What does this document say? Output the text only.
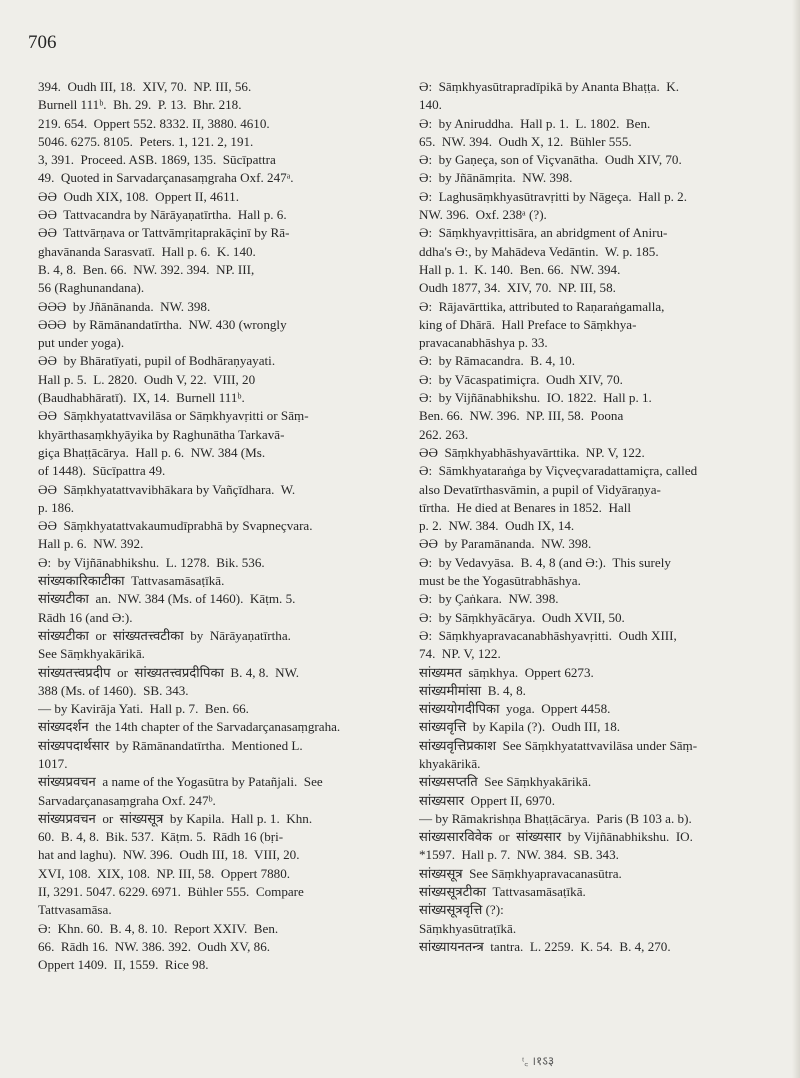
706
394.  Oudh III, 18.  XIV, 70.  NP. III, 56.
Burnell 111ᵇ.  Bh. 29.  P. 13.  Bhr. 218.
219. 654.  Oppert 552. 8332. II, 3880. 4610.
5046. 6275. 8105.  Peters. 1, 121. 2, 191.
3, 391.  Proceed. ASB. 1869, 135.  Sūcīpattra
49.  Quoted in Sarvadarçanasaṃgraha Oxf. 247ᵃ.
ƏƏ  Oudh XIX, 108.  Oppert II, 4611.
ƏƏ  Tattvacandra by Nārāyaṇatīrtha.  Hall p. 6.
ƏƏ  Tattvārṇava or Tattvāmṛitaprakāçinī by Rā-
ghavānanda Sarasvatī.  Hall p. 6.  K. 140.
B. 4, 8.  Ben. 66.  NW. 392. 394.  NP. III,
56 (Raghunandana).
ƏƏƏ  by Jñānānanda.  NW. 398.
ƏƏƏ  by Rāmānandatīrtha.  NW. 430 (wrongly
put under yoga).
ƏƏ  by Bhāratīyati, pupil of Bodhāraṇyayati.
Hall p. 5.  L. 2820.  Oudh V, 22.  VIII, 20
(Baudhabhāratī).  IX, 14.  Burnell 111ᵇ.
ƏƏ  Sāṃkhyatattvavilāsa or Sāṃkhyavṛitti or Sāṃ-
khyārthasaṃkhyāyika by Raghunātha Tarkavā-
giça Bhaṭṭācārya.  Hall p. 6.  NW. 384 (Ms.
of 1448).  Sūcīpattra 49.
ƏƏ  Sāṃkhyatattvavibhākara by Vañçīdhara.  W.
p. 186.
ƏƏ  Sāṃkhyatattvakaumudīprabhā by Svapneçvara.
Hall p. 6.  NW. 392.
Ə:  by Vijñānabhikshu.  L. 1278.  Bik. 536.
सांख्यकारिकाटीका  Tattvasamāsaṭīkā.
सांख्यटीका  an.  NW. 384 (Ms. of 1460).  Kāṭm. 5.
Rādh 16 (and Ə:).
सांख्यटीका  or  सांख्यतत्त्वटीका  by  Nārāyaṇatīrtha.
See Sāṃkhyakārikā.
सांख्यतत्त्वप्रदीप  or  सांख्यतत्त्वप्रदीपिका  B. 4, 8.  NW.
388 (Ms. of 1460).  SB. 343.
— by Kavirāja Yati.  Hall p. 7.  Ben. 66.
सांख्यदर्शन  the 14th chapter of the Sarvadarçanasaṃgraha.
सांख्यपदार्थसार  by Rāmānandatīrtha.  Mentioned L.
1017.
सांख्यप्रवचन  a name of the Yogasūtra by Patañjali.  See
Sarvadarçanasaṃgraha Oxf. 247ᵇ.
सांख्यप्रवचन  or  सांख्यसूत्र  by Kapila.  Hall p. 1.  Khn.
60.  B. 4, 8.  Bik. 537.  Kāṭm. 5.  Rādh 16 (bṛi-
hat and laghu).  NW. 396.  Oudh III, 18.  VIII, 20.
XVI, 108.  XIX, 108.  NP. III, 58.  Oppert 7880.
II, 3291. 5047. 6229. 6971.  Bühler 555.  Compare
Tattvasamāsa.
Ə:  Khn. 60.  B. 4, 8. 10.  Report XXIV.  Ben.
66.  Rādh 16.  NW. 386. 392.  Oudh XV, 86.
Oppert 1409.  II, 1559.  Rice 98.
Ə:  Sāṃkhyasūtrapradīpikā by Ananta Bhaṭṭa.  K.
140.
Ə:  by Aniruddha.  Hall p. 1.  L. 1802.  Ben.
65.  NW. 394.  Oudh X, 12.  Bühler 555.
Ə:  by Gaṇeça, son of Viçvanātha.  Oudh XIV, 70.
Ə:  by Jñānāmṛita.  NW. 398.
Ə:  Laghusāṃkhyasūtravṛitti by Nāgeça.  Hall p. 2.
NW. 396.  Oxf. 238ᵃ (?).
Ə:  Sāṃkhyavṛittisāra, an abridgment of Aniru-
ddha's Ə:, by Mahādeva Vedāntin.  W. p. 185.
Hall p. 1.  K. 140.  Ben. 66.  NW. 394.
Oudh 1877, 34.  XIV, 70.  NP. III, 58.
Ə:  Rājavārttika, attributed to Raṇaraṅgamalla,
king of Dhārā.  Hall Preface to Sāṃkhya-
pravacanabhāshya p. 33.
Ə:  by Rāmacandra.  B. 4, 10.
Ə:  by Vācaspatimiçra.  Oudh XIV, 70.
Ə:  by Vijñānabhikshu.  IO. 1822.  Hall p. 1.
Ben. 66.  NW. 396.  NP. III, 58.  Poona
262. 263.
ƏƏ  Sāṃkhyabhāshyavārttika.  NP. V, 122.
Ə:  Sāmkhyataraṅga by Viçveçvaradattamiçra, called
also Devatīrthasvāmin, a pupil of Vidyāraṇya-
tīrtha.  He died at Benares in 1852.  Hall
p. 2.  NW. 384.  Oudh IX, 14.
ƏƏ  by Paramānanda.  NW. 398.
Ə:  by Vedavyāsa.  B. 4, 8 (and Ə:).  This surely
must be the Yogasūtrabhāshya.
Ə:  by Çaṅkara.  NW. 398.
Ə:  by Sāṃkhyācārya.  Oudh XVII, 50.
Ə:  Sāṃkhyapravacanabhāshyavṛitti.  Oudh XIII,
74.  NP. V, 122.
सांख्यमत  sāṃkhya.  Oppert 6273.
सांख्यमीमांसा  B. 4, 8.
सांख्ययोगदीपिका  yoga.  Oppert 4458.
सांख्यवृत्ति  by Kapila (?).  Oudh III, 18.
सांख्यवृत्तिप्रकाश  See Sāṃkhyatattvavilāsa under Sāṃ-
khyakārikā.
सांख्यसप्तति  See Sāṃkhyakārikā.
सांख्यसार  Oppert II, 6970.
— by Rāmakrishṇa Bhaṭṭācārya.  Paris (B 103 a. b).
सांख्यसारविवेक  or  सांख्यसार  by Vijñānabhikshu.  IO.
*1597.  Hall p. 7.  NW. 384.  SB. 343.
सांख्यसूत्र  See Sāṃkhyapravacanasūtra.
सांख्यसूत्रटीका  Tattvasamāsaṭīkā.
सांख्यसूत्रवृत्ति (?):
Sāṃkhyasūtraṭīkā.
सांख्यायनतन्त्र  tantra.  L. 2259.  K. 54.  B. 4, 270.
ᵗ꜀ ।१ऽ३
